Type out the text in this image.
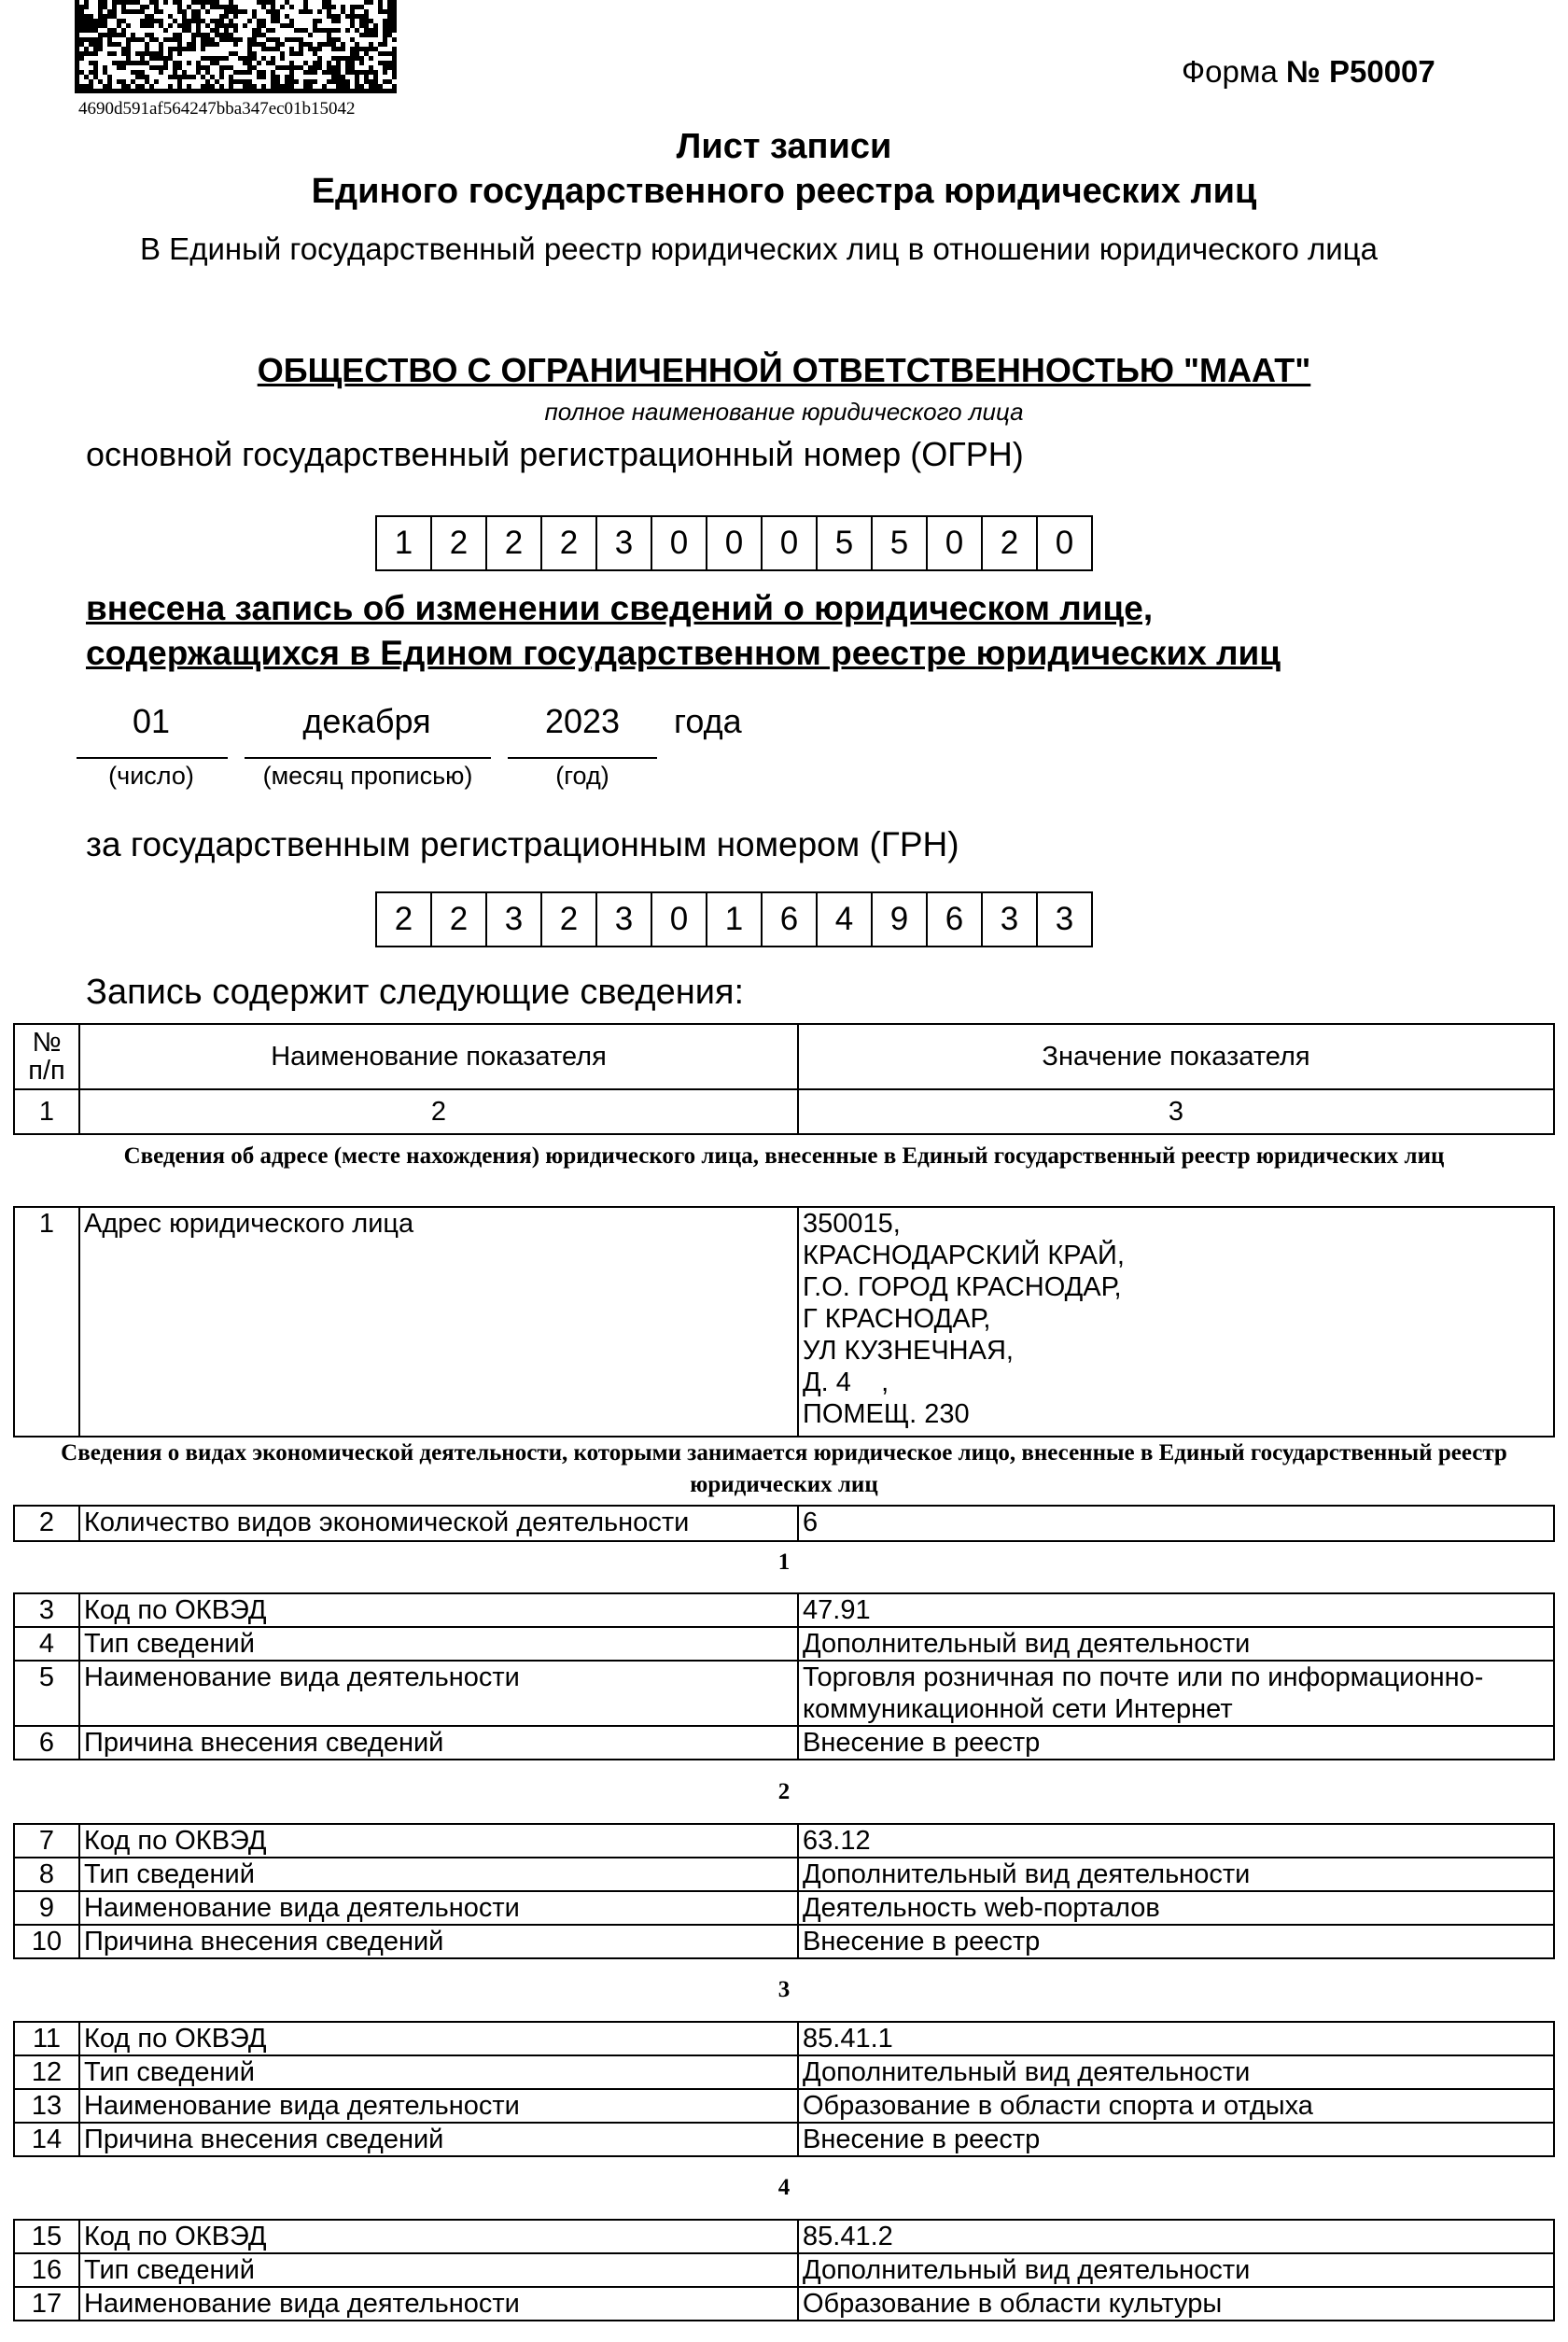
4690d591af564247bba347ec01b15042
Форма № Р50007
Лист записи
Единого государственного реестра юридических лиц
В Единый государственный реестр юридических лиц в отношении юридического лица
ОБЩЕСТВО С ОГРАНИЧЕННОЙ ОТВЕТСТВЕННОСТЬЮ "МААТ"
полное наименование юридического лица
основной государственный регистрационный номер (ОГРН)
1	2	2	2	3	0	0	0	5	5	0	2	0
внесена запись об изменении сведений о юридическом лице,
содержащихся в Едином государственном реестре юридических лиц
01	декабря	2023	года
(число)	(месяц прописью)	(год)
за государственным регистрационным номером (ГРН)
2	2	3	2	3	0	1	6	4	9	6	3	3
Запись содержит следующие сведения:
№ п/п	Наименование показателя	Значение показателя
1	2	3
Сведения об адресе (месте нахождения) юридического лица, внесенные в Единый государственный реестр юридических лиц
1	Адрес юридического лица	350015,
КРАСНОДАРСКИЙ КРАЙ,
Г.О. ГОРОД КРАСНОДАР,
Г КРАСНОДАР,
УЛ КУЗНЕЧНАЯ,
Д. 4    ,
ПОМЕЩ. 230
Сведения о видах экономической деятельности, которыми занимается юридическое лицо, внесенные в Единый государственный реестр юридических лиц
2	Количество видов экономической деятельности	6
1
3	Код по ОКВЭД	47.91
4	Тип сведений	Дополнительный вид деятельности
5	Наименование вида деятельности	Торговля розничная по почте или по информационно-коммуникационной сети Интернет
6	Причина внесения сведений	Внесение в реестр
2
7	Код по ОКВЭД	63.12
8	Тип сведений	Дополнительный вид деятельности
9	Наименование вида деятельности	Деятельность web-порталов
10	Причина внесения сведений	Внесение в реестр
3
11	Код по ОКВЭД	85.41.1
12	Тип сведений	Дополнительный вид деятельности
13	Наименование вида деятельности	Образование в области спорта и отдыха
14	Причина внесения сведений	Внесение в реестр
4
15	Код по ОКВЭД	85.41.2
16	Тип сведений	Дополнительный вид деятельности
17	Наименование вида деятельности	Образование в области культуры
